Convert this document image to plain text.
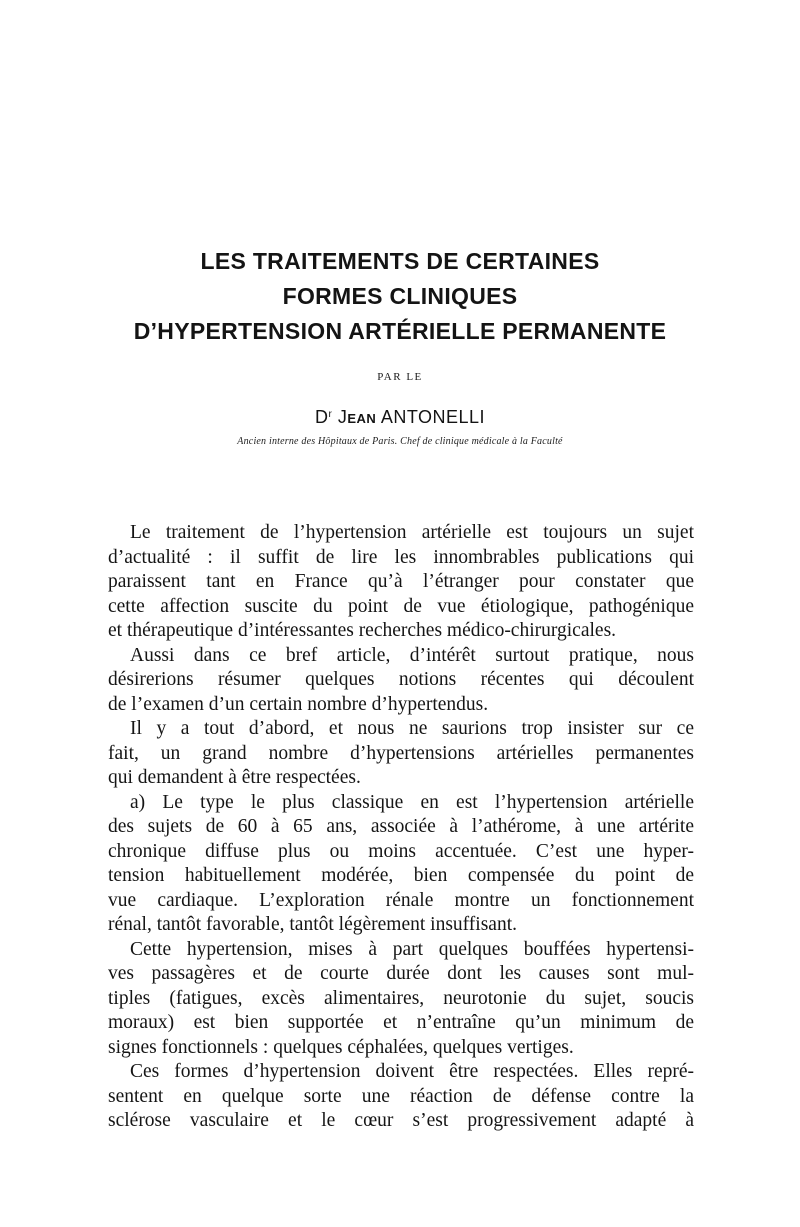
LES TRAITEMENTS DE CERTAINES
FORMES CLINIQUES
D’HYPERTENSION ARTÉRIELLE PERMANENTE
PAR LE
$D^r$ JEAN ANTONELLI
Ancien interne des Hôpitaux de Paris. Chef de clinique médicale à la Faculté
Le traitement de l’hypertension artérielle est toujours un sujet
d’actualité : il suffit de lire les innombrables publications qui
paraissent tant en France qu’à l’étranger pour constater que
cette affection suscite du point de vue étiologique, pathogénique
et thérapeutique d’intéressantes recherches médico-chirurgicales.
Aussi dans ce bref article, d’intérêt surtout pratique, nous
désirerions résumer quelques notions récentes qui découlent
de l’examen d’un certain nombre d’hypertendus.
Il y a tout d’abord, et nous ne saurions trop insister sur ce
fait, un grand nombre d’hypertensions artérielles permanentes
qui demandent à être respectées.
a) Le type le plus classique en est l’hypertension artérielle
des sujets de 60 à 65 ans, associée à l’athérome, à une artérite
chronique diffuse plus ou moins accentuée. C’est une hyper-
tension habituellement modérée, bien compensée du point de
vue cardiaque. L’exploration rénale montre un fonctionnement
rénal, tantôt favorable, tantôt légèrement insuffisant.
Cette hypertension, mises à part quelques bouffées hypertensi-
ves passagères et de courte durée dont les causes sont mul-
tiples (fatigues, excès alimentaires, neurotonie du sujet, soucis
moraux) est bien supportée et n’entraîne qu’un minimum de
signes fonctionnels : quelques céphalées, quelques vertiges.
Ces formes d’hypertension doivent être respectées. Elles repré-
sentent en quelque sorte une réaction de défense contre la
sclérose vasculaire et le cœur s’est progressivement adapté à
